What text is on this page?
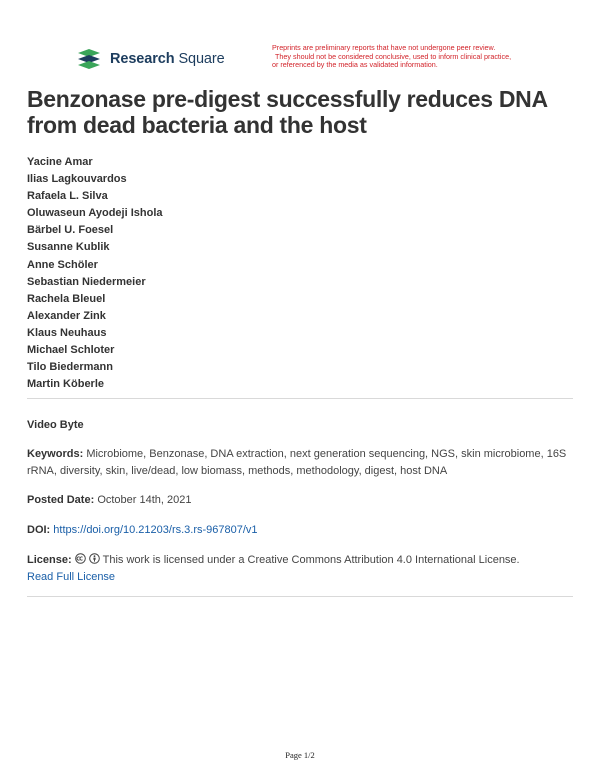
Research Square
Preprints are preliminary reports that have not undergone peer review.
They should not be considered conclusive, used to inform clinical practice,
or referenced by the media as validated information.
Benzonase pre-digest successfully reduces DNA from dead bacteria and the host
Yacine Amar
Ilias Lagkouvardos
Rafaela L. Silva
Oluwaseun Ayodeji Ishola
Bärbel U. Foesel
Susanne Kublik
Anne Schöler
Sebastian Niedermeier
Rachela Bleuel
Alexander Zink
Klaus Neuhaus
Michael Schloter
Tilo Biedermann
Martin Köberle
Video Byte
Keywords: Microbiome, Benzonase, DNA extraction, next generation sequencing, NGS, skin microbiome, 16S rRNA, diversity, skin, live/dead, low biomass, methods, methodology, digest, host DNA
Posted Date: October 14th, 2021
DOI: https://doi.org/10.21203/rs.3.rs-967807/v1
License:	This work is licensed under a Creative Commons Attribution 4.0 International License.
Read Full License
Page 1/2
